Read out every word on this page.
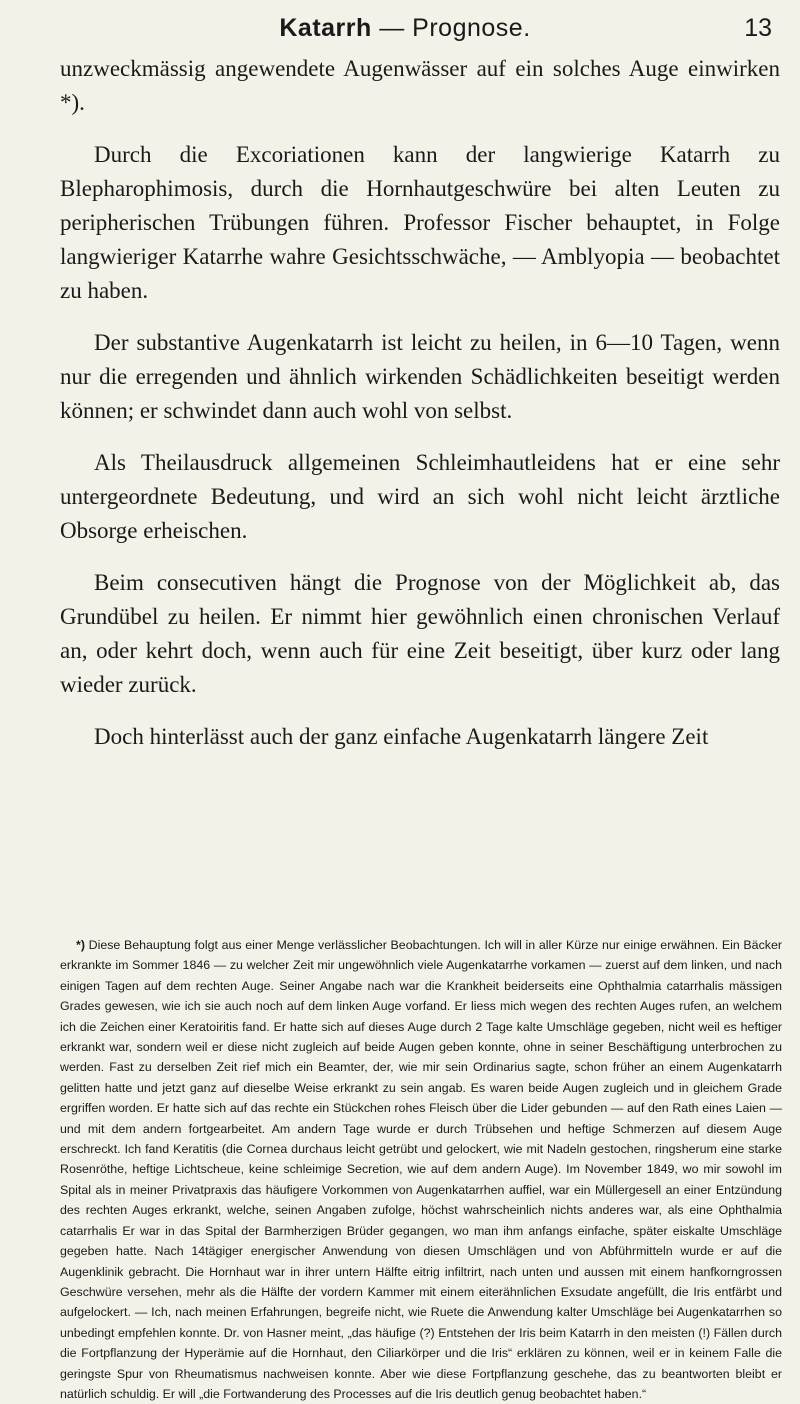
Katarrh — Prognose.	13

unzweckmässig angewendete Augenwässer auf ein solches Auge einwirken *).

Durch die Excoriationen kann der langwierige Katarrh zu Blepharophimosis, durch die Hornhautgeschwüre bei alten Leuten zu peripherischen Trübungen führen. Professor Fischer behauptet, in Folge langwieriger Katarrhe wahre Gesichtsschwäche, — Amblyopia — beobachtet zu haben.

Der substantive Augenkatarrh ist leicht zu heilen, in 6—10 Tagen, wenn nur die erregenden und ähnlich wirkenden Schädlichkeiten beseitigt werden können; er schwindet dann auch wohl von selbst.

Als Theilausdruck allgemeinen Schleimhautleidens hat er eine sehr untergeordnete Bedeutung, und wird an sich wohl nicht leicht ärztliche Obsorge erheischen.

Beim consecutiven hängt die Prognose von der Möglichkeit ab, das Grundübel zu heilen. Er nimmt hier gewöhnlich einen chronischen Verlauf an, oder kehrt doch, wenn auch für eine Zeit beseitigt, über kurz oder lang wieder zurück.

Doch hinterlässt auch der ganz einfache Augenkatarrh längere Zeit

*) Diese Behauptung folgt aus einer Menge verlässlicher Beobachtungen. Ich will in aller Kürze nur einige erwähnen. Ein Bäcker erkrankte im Sommer 1846 — zu welcher Zeit mir ungewöhnlich viele Augenkatarrhe vorkamen — zuerst auf dem linken, und nach einigen Tagen auf dem rechten Auge. Seiner Angabe nach war die Krankheit beiderseits eine Ophthalmia catarrhalis mässigen Grades gewesen, wie ich sie auch noch auf dem linken Auge vorfand. Er liess mich wegen des rechten Auges rufen, an welchem ich die Zeichen einer Keratoiritis fand. Er hatte sich auf dieses Auge durch 2 Tage kalte Umschläge gegeben, nicht weil es heftiger erkrankt war, sondern weil er diese nicht zugleich auf beide Augen geben konnte, ohne in seiner Beschäftigung unterbrochen zu werden. Fast zu derselben Zeit rief mich ein Beamter, der, wie mir sein Ordinarius sagte, schon früher an einem Augenkatarrh gelitten hatte und jetzt ganz auf dieselbe Weise erkrankt zu sein angab. Es waren beide Augen zugleich und in gleichem Grade ergriffen worden. Er hatte sich auf das rechte ein Stückchen rohes Fleisch über die Lider gebunden — auf den Rath eines Laien — und mit dem andern fortgearbeitet. Am andern Tage wurde er durch Trübsehen und heftige Schmerzen auf diesem Auge erschreckt. Ich fand Keratitis (die Cornea durchaus leicht getrübt und gelockert, wie mit Nadeln gestochen, ringsherum eine starke Rosenröthe, heftige Lichtscheue, keine schleimige Secretion, wie auf dem andern Auge). Im November 1849, wo mir sowohl im Spital als in meiner Privatpraxis das häufigere Vorkommen von Augenkatarrhen auffiel, war ein Müllergesell an einer Entzündung des rechten Auges erkrankt, welche, seinen Angaben zufolge, höchst wahrscheinlich nichts anderes war, als eine Ophthalmia catarrhalis Er war in das Spital der Barmherzigen Brüder gegangen, wo man ihm anfangs einfache, später eiskalte Umschläge gegeben hatte. Nach 14tägiger energischer Anwendung von diesen Umschlägen und von Abführmitteln wurde er auf die Augenklinik gebracht. Die Hornhaut war in ihrer untern Hälfte eitrig infiltrirt, nach unten und aussen mit einem hanfkorngrossen Geschwüre versehen, mehr als die Hälfte der vordern Kammer mit einem eiterähnlichen Exsudate angefüllt, die Iris entfärbt und aufgelockert. — Ich, nach meinen Erfahrungen, begreife nicht, wie Ruete die Anwendung kalter Umschläge bei Augenkatarrhen so unbedingt empfehlen konnte. Dr. von Hasner meint, „das häufige (?) Entstehen der Iris beim Katarrh in den meisten (!) Fällen durch die Fortpflanzung der Hyperämie auf die Hornhaut, den Ciliarkörper und die Iris“ erklären zu können, weil er in keinem Falle die geringste Spur von Rheumatismus nachweisen konnte. Aber wie diese Fortpflanzung geschehe, das zu beantworten bleibt er natürlich schuldig. Er will „die Fortwanderung des Processes auf die Iris deutlich genug beobachtet haben.“
